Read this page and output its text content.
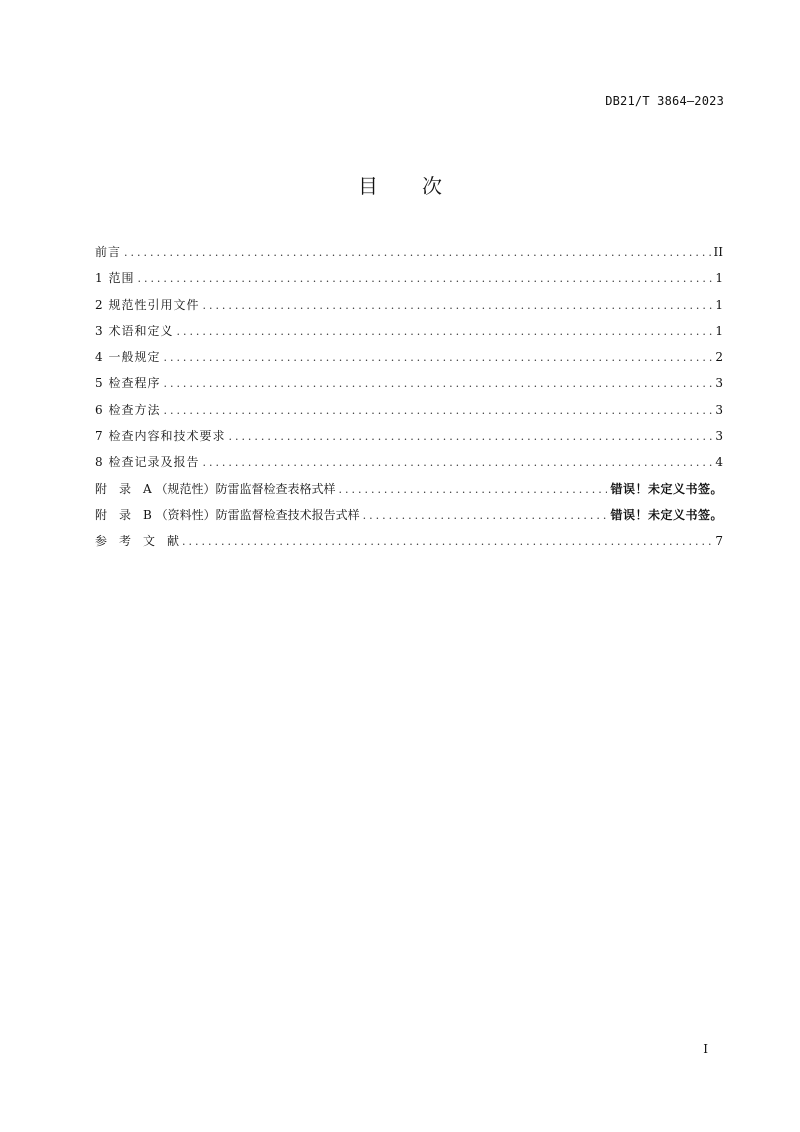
DB21/T 3864—2023
目 次
前言 . . .	II
1 范围 . . .	1
2 规范性引用文件 . . .	1
3 术语和定义 . . .	1
4 一般规定 . . .	2
5 检查程序 . . .	3
6 检查方法 . . .	3
7 检查内容和技术要求 . . .	3
8 检查记录及报告 . . .	4
附　录　A （规范性）防雷监督检查表格式样 . . .	错误！未定义书签。
附　录　B （资料性）防雷监督检查技术报告式样 . . .	错误！未定义书签。
参　考　文　献 . . .	7
I
